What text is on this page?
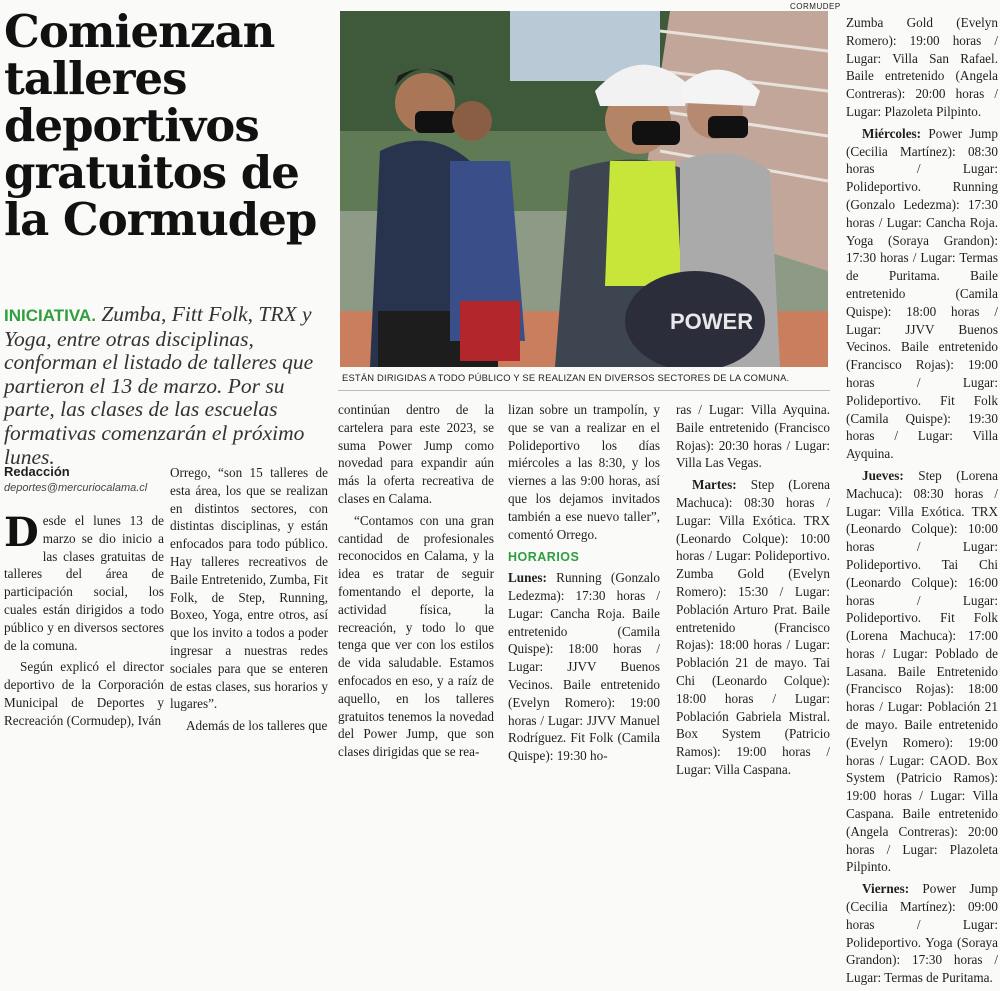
Comienzan talleres deportivos gratuitos de la Cormudep
INICIATIVA. Zumba, Fitt Folk, TRX y Yoga, entre otras disciplinas, conforman el listado de talleres que partieron el 13 de marzo. Por su parte, las clases de las escuelas formativas comenzarán el próximo lunes.
Redacción
deportes@mercuriocalama.cl

Desde el lunes 13 de marzo se dio inicio a las clases gratuitas de talleres del área de participación social, los cuales están dirigidos a todo público y en diversos sectores de la comuna.

Según explicó el director deportivo de la Corporación Municipal de Deportes y Recreación (Cormudep), Iván

Orrego, “son 15 talleres de esta área, los que se realizan en distintos sectores, con distintas disciplinas, y están enfocados para todo público. Hay talleres recreativos de Baile Entretenido, Zumba, Fit Folk, de Step, Running, Boxeo, Yoga, entre otros, así que los invito a todos a poder ingresar a nuestras redes sociales para que se enteren de estas clases, sus horarios y lugares”.

Además de los talleres que

POWER
CORMUDEP
ESTÁN DIRIGIDAS A TODO PÚBLICO Y SE REALIZAN EN DIVERSOS SECTORES DE LA COMUNA.

continúan dentro de la cartelera para este 2023, se suma Power Jump como novedad para expandir aún más la oferta recreativa de clases en Calama.

“Contamos con una gran cantidad de profesionales reconocidos en Calama, y la idea es tratar de seguir fomentando el deporte, la actividad física, la recreación, y todo lo que tenga que ver con los estilos de vida saludable. Estamos enfocados en eso, y a raíz de aquello, en los talleres gratuitos tenemos la novedad del Power Jump, que son clases dirigidas que se rea-

lizan sobre un trampolín, y que se van a realizar en el Polideportivo los días miércoles a las 8:30, y los viernes a las 9:00 horas, así que los dejamos invitados también a ese nuevo taller”, comentó Orrego.

HORARIOS

Lunes: Running (Gonzalo Ledezma): 17:30 horas / Lugar: Cancha Roja. Baile entretenido (Camila Quispe): 18:00 horas / Lugar: JJVV Buenos Vecinos. Baile entretenido (Evelyn Romero): 19:00 horas / Lugar: JJVV Manuel Rodríguez. Fit Folk (Camila Quispe): 19:30 ho-

ras / Lugar: Villa Ayquina. Baile entretenido (Francisco Rojas): 20:30 horas / Lugar: Villa Las Vegas.

Martes: Step (Lorena Machuca): 08:30 horas / Lugar: Villa Exótica. TRX (Leonardo Colque): 10:00 horas / Lugar: Polideportivo. Zumba Gold (Evelyn Romero): 15:30 / Lugar: Población Arturo Prat. Baile entretenido (Francisco Rojas): 18:00 horas / Lugar: Población 21 de mayo. Tai Chi (Leonardo Colque): 18:00 horas / Lugar: Población Gabriela Mistral. Box System (Patricio Ramos): 19:00 horas / Lugar: Villa Caspana.

Zumba Gold (Evelyn Romero): 19:00 horas / Lugar: Villa San Rafael. Baile entretenido (Angela Contreras): 20:00 horas / Lugar: Plazoleta Pilpinto.

Miércoles: Power Jump (Cecilia Martínez): 08:30 horas / Lugar: Polideportivo. Running (Gonzalo Ledezma): 17:30 horas / Lugar: Cancha Roja. Yoga (Soraya Grandon): 17:30 horas / Lugar: Termas de Puritama. Baile entretenido (Camila Quispe): 18:00 horas / Lugar: JJVV Buenos Vecinos. Baile entretenido (Francisco Rojas): 19:00 horas / Lugar: Polideportivo. Fit Folk (Camila Quispe): 19:30 horas / Lugar: Villa Ayquina.

Jueves: Step (Lorena Machuca): 08:30 horas / Lugar: Villa Exótica. TRX (Leonardo Colque): 10:00 horas / Lugar: Polideportivo. Tai Chi (Leonardo Colque): 16:00 horas / Lugar: Polideportivo. Fit Folk (Lorena Machuca): 17:00 horas / Lugar: Poblado de Lasana. Baile Entretenido (Francisco Rojas): 18:00 horas / Lugar: Población 21 de mayo. Baile entretenido (Evelyn Romero): 19:00 horas / Lugar: CAOD. Box System (Patricio Ramos): 19:00 horas / Lugar: Villa Caspana. Baile entretenido (Angela Contreras): 20:00 horas / Lugar: Plazoleta Pilpinto.

Viernes: Power Jump (Cecilia Martínez): 09:00 horas / Lugar: Polideportivo. Yoga (Soraya Grandon): 17:30 horas / Lugar: Termas de Puritama.
